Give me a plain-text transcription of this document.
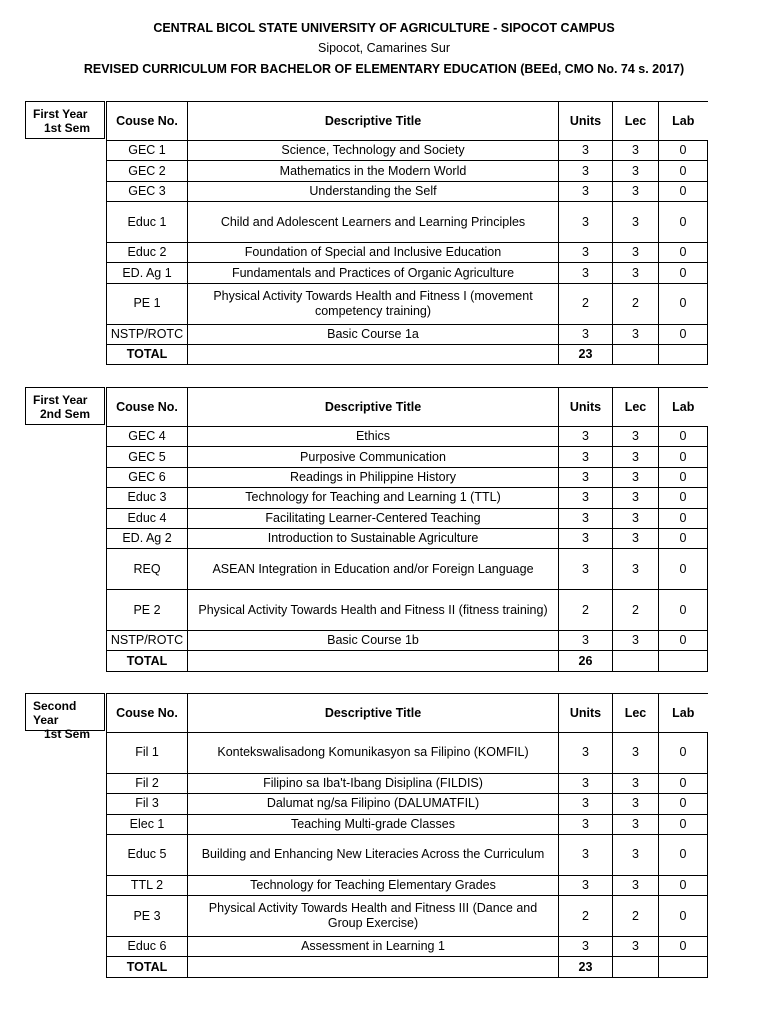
CENTRAL BICOL STATE UNIVERSITY OF AGRICULTURE - SIPOCOT CAMPUS
Sipocot, Camarines Sur
REVISED CURRICULUM FOR BACHELOR OF ELEMENTARY EDUCATION (BEEd, CMO No. 74 s. 2017)
First Year
1st Sem
Couse No.	Descriptive Title	Units	Lec	Lab
GEC 1	Science, Technology and Society	3	3	0
GEC 2	Mathematics in the Modern World	3	3	0
GEC 3	Understanding the Self	3	3	0
Educ 1	Child and Adolescent Learners and Learning Principles	3	3	0
Educ 2	Foundation of Special and Inclusive Education	3	3	0
ED. Ag 1	Fundamentals and Practices of Organic Agriculture	3	3	0
PE 1	Physical Activity Towards Health and Fitness I (movement competency training)	2	2	0
NSTP/ROTC	Basic Course 1a	3	3	0
TOTAL		23		
First Year
2nd Sem
Couse No.	Descriptive Title	Units	Lec	Lab
GEC 4	Ethics	3	3	0
GEC 5	Purposive Communication	3	3	0
GEC 6	Readings in Philippine History	3	3	0
Educ 3	Technology for Teaching and Learning 1 (TTL)	3	3	0
Educ 4	Facilitating Learner-Centered Teaching	3	3	0
ED. Ag 2	Introduction to Sustainable Agriculture	3	3	0
REQ	ASEAN Integration in Education and/or Foreign Language	3	3	0
PE 2	Physical Activity Towards Health and Fitness II (fitness training)	2	2	0
NSTP/ROTC	Basic Course 1b	3	3	0
TOTAL		26		
Second Year
1st Sem
Couse No.	Descriptive Title	Units	Lec	Lab
Fil 1	Kontekswalisadong Komunikasyon sa Filipino (KOMFIL)	3	3	0
Fil 2	Filipino sa Iba't-Ibang Disiplina (FILDIS)	3	3	0
Fil 3	Dalumat ng/sa Filipino (DALUMATFIL)	3	3	0
Elec 1	Teaching Multi-grade Classes	3	3	0
Educ 5	Building and Enhancing New Literacies Across the Curriculum	3	3	0
TTL 2	Technology for Teaching Elementary Grades	3	3	0
PE 3	Physical Activity Towards Health and Fitness III (Dance and Group Exercise)	2	2	0
Educ 6	Assessment in Learning 1	3	3	0
TOTAL		23		
